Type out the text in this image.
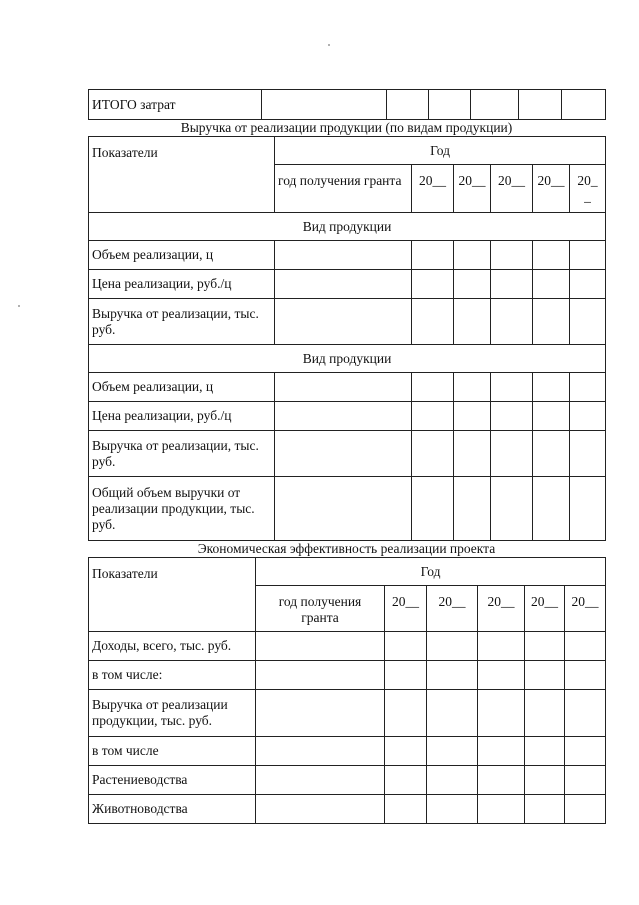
ИТОГО затрат						
Выручка от реализации продукции (по видам продукции)
Показатели	Год					
	год получения гранта	20__	20__	20__	20__	20_ _
Вид продукции						
Объем реализации, ц						
Цена реализации, руб./ц						
Выручка от реализации, тыс. руб.						
Вид продукции						
Объем реализации, ц						
Цена реализации, руб./ц						
Выручка от реализации, тыс. руб.						
Общий объем выручки от реализации продукции, тыс. руб.						
Экономическая эффективность реализации проекта
Показатели	Год					
	год получения гранта	20__	20__	20__	20__	20__
Доходы, всего, тыс. руб.						
в том числе:						
Выручка от реализации продукции, тыс. руб.						
в том числе						
Растениеводства						
Животноводства						
